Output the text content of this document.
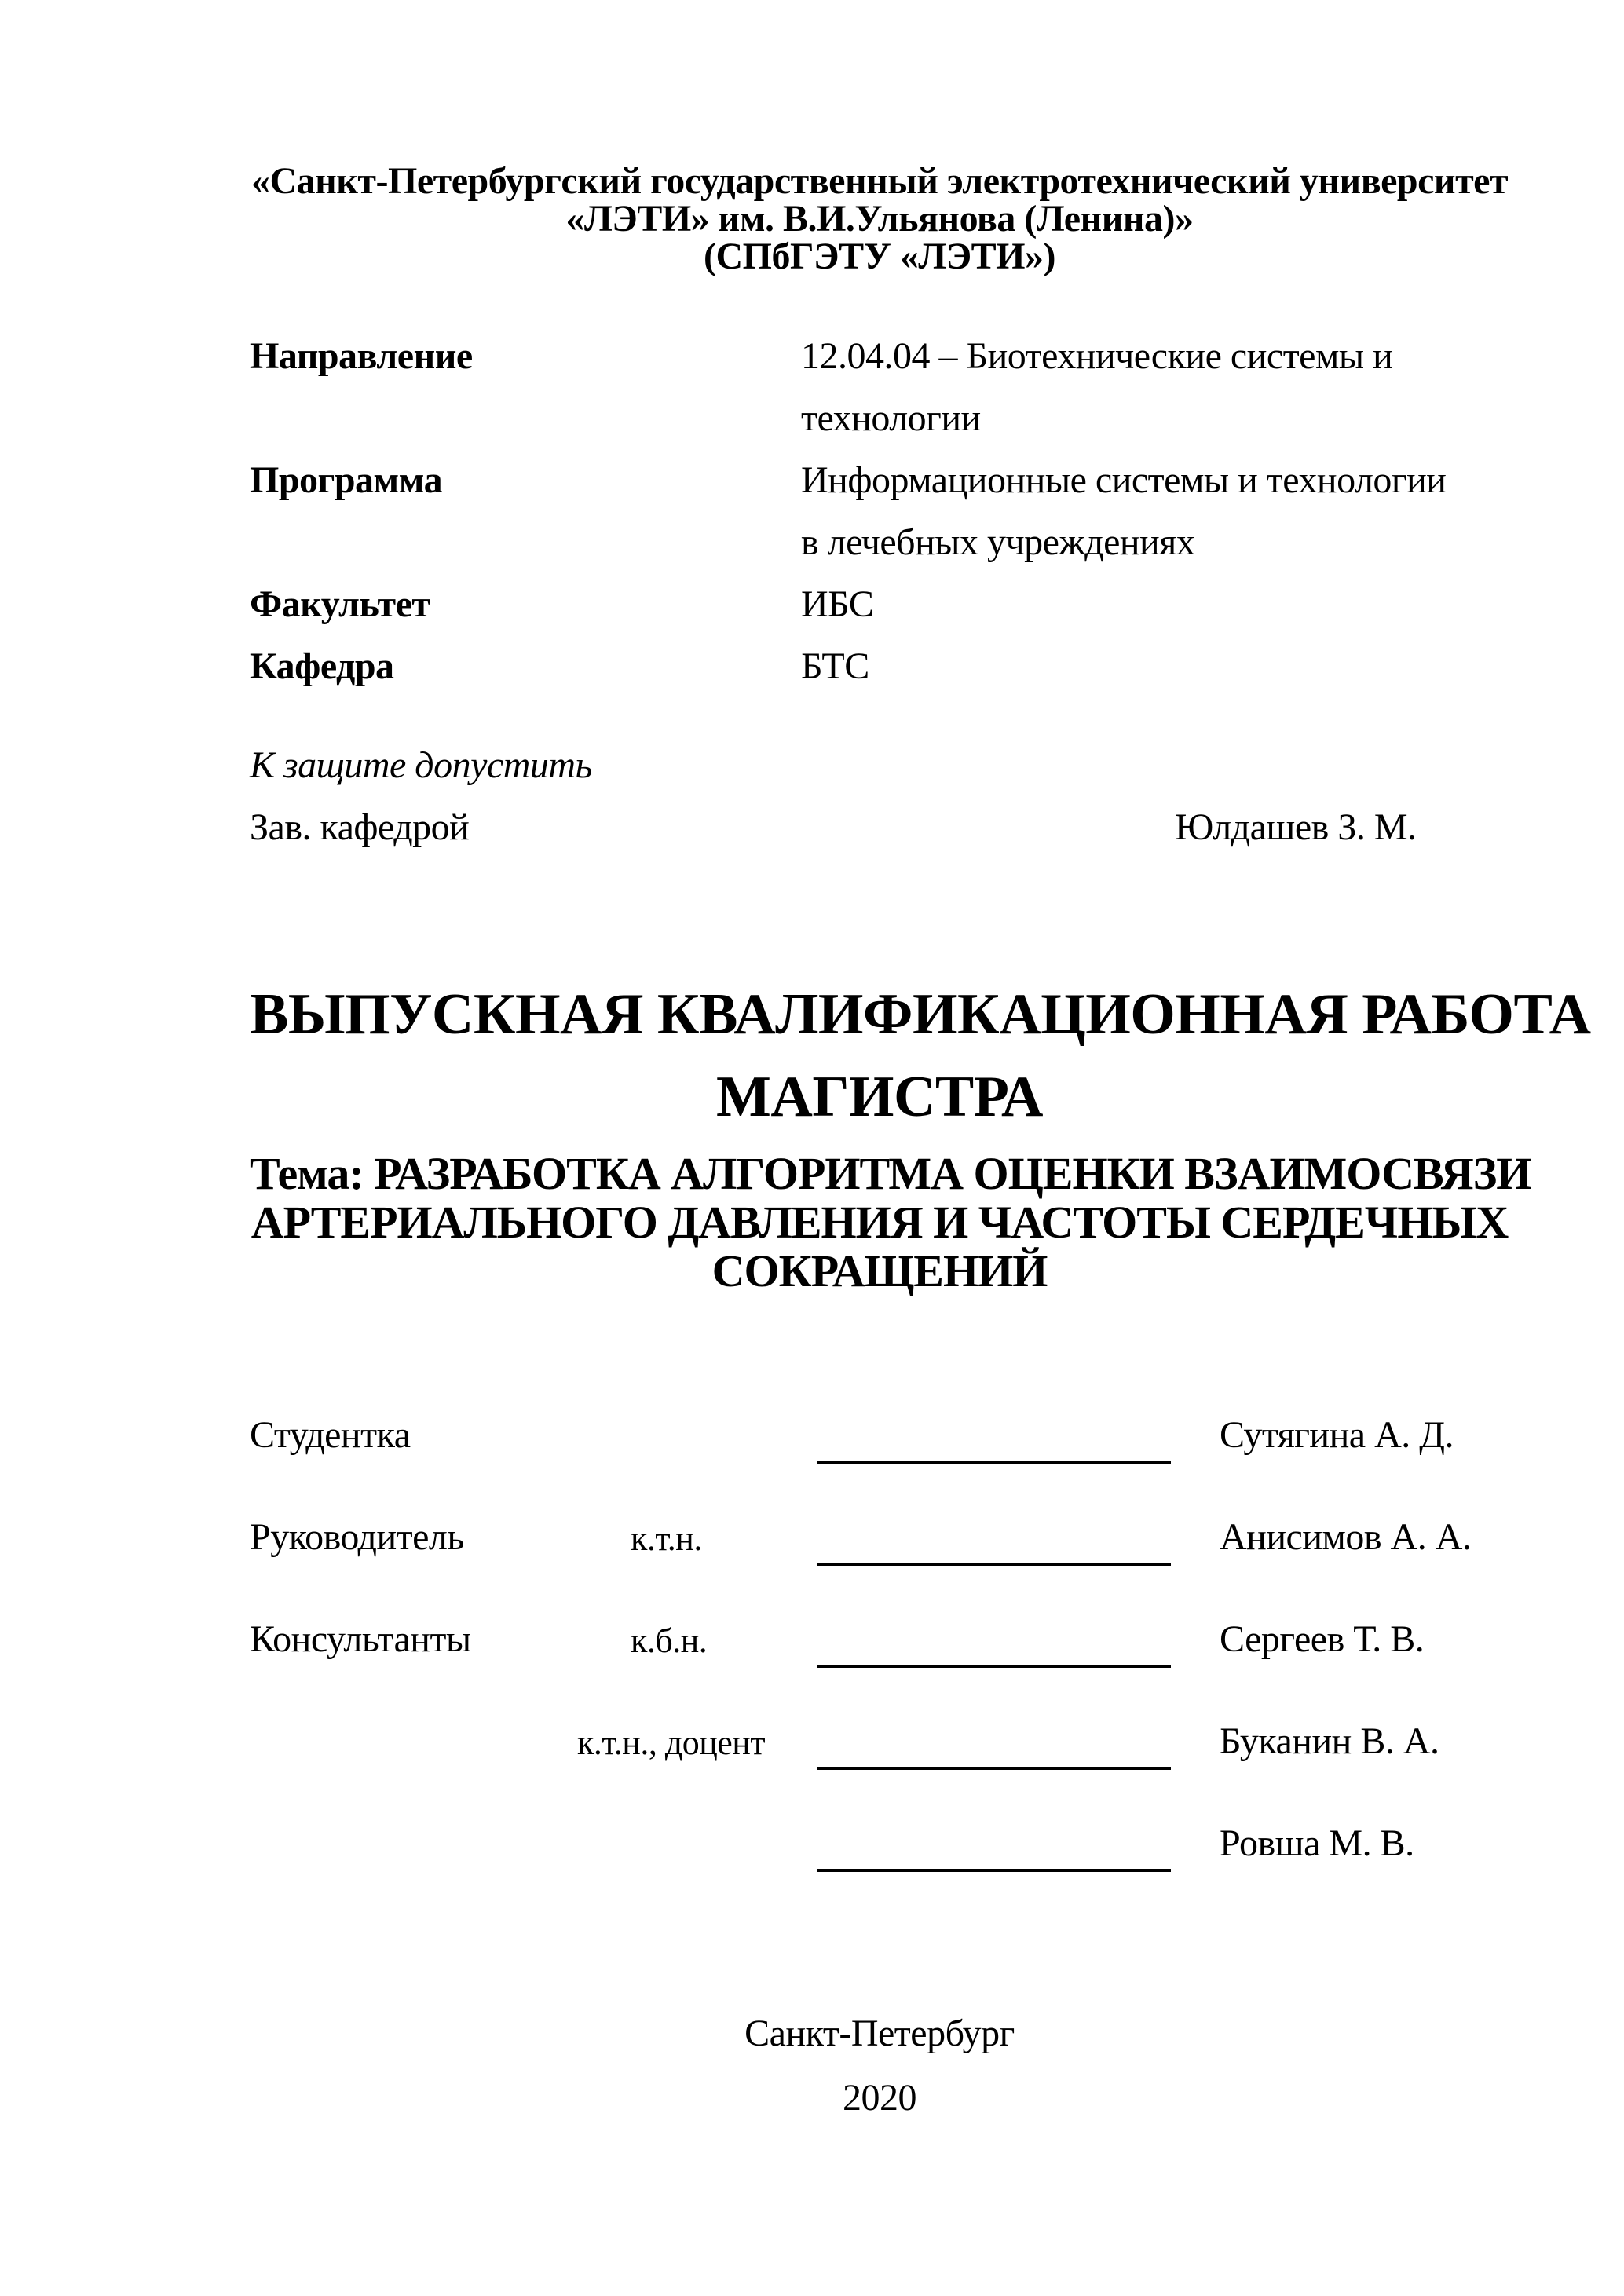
«Санкт-Петербургский государственный электротехнический университет
«ЛЭТИ» им. В.И.Ульянова (Ленина)»
(СПбГЭТУ «ЛЭТИ»)
Направление	12.04.04 – Биотехнические системы и
технологии
Программа	Информационные системы и технологии
в лечебных учреждениях
Факультет	ИБС
Кафедра	БТС
К защите допустить
Зав. кафедрой	Юлдашев З. М.
ВЫПУСКНАЯ КВАЛИФИКАЦИОННАЯ РАБОТА
МАГИСТРА
Тема: РАЗРАБОТКА АЛГОРИТМА ОЦЕНКИ ВЗАИМОСВЯЗИ
АРТЕРИАЛЬНОГО ДАВЛЕНИЯ И ЧАСТОТЫ СЕРДЕЧНЫХ
СОКРАЩЕНИЙ
Студентка	Сутягина А. Д.
Руководитель	к.т.н.	Анисимов А. А.
Консультанты	к.б.н.	Сергеев Т. В.
к.т.н., доцент	Буканин В. А.
Ровша М. В.
Санкт-Петербург
2020
